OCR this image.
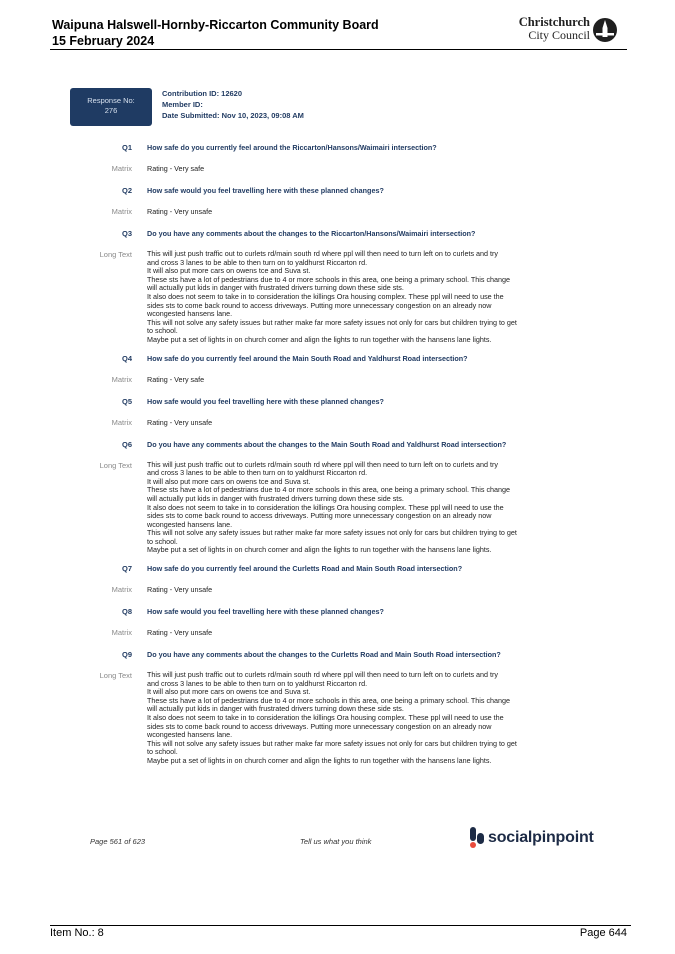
Waipuna Halswell-Hornby-Riccarton Community Board
15 February 2024
Christchurch
City Council
Response No:
276
Contribution ID: 12620
Member ID:
Date Submitted: Nov 10, 2023, 09:08 AM
Q1	How safe do you currently feel around the Riccarton/Hansons/Waimairi intersection?
Matrix	Rating - Very safe
Q2	How safe would you feel travelling here with these planned changes?
Matrix	Rating - Very unsafe
Q3	Do you have any comments about the changes to the Riccarton/Hansons/Waimairi intersection?
Long Text	This will just push traffic out to curlets rd/main south rd where ppl will then need to turn left on to curlets and try

and cross 3 lanes to be able to then turn on to yaldhurst Riccarton rd.

It will also put more cars on owens tce and Suva st.

These sts have a lot of pedestrians due to 4 or more schools in this area, one being a primary school. This change

will actually put kids in danger with frustrated drivers turning down these side sts.

It also does not seem to take in to consideration the killings Ora housing complex. These ppl will need to use the

sides sts to come back round to access driveways. Putting more unnecessary congestion on an already now

wcongested hansens lane.

This will not solve any safety issues but rather make far more safety issues not only for cars but children trying to get

to school.

Maybe put a set of lights in on church corner and align the lights to run together with the hansens lane lights.

Q4	How safe do you currently feel around the Main South Road and Yaldhurst Road intersection?
Matrix	Rating - Very safe
Q5	How safe would you feel travelling here with these planned changes?
Matrix	Rating - Very unsafe
Q6	Do you have any comments about the changes to the Main South Road and Yaldhurst Road intersection?
Long Text	This will just push traffic out to curlets rd/main south rd where ppl will then need to turn left on to curlets and try

and cross 3 lanes to be able to then turn on to yaldhurst Riccarton rd.

It will also put more cars on owens tce and Suva st.

These sts have a lot of pedestrians due to 4 or more schools in this area, one being a primary school. This change

will actually put kids in danger with frustrated drivers turning down these side sts.

It also does not seem to take in to consideration the killings Ora housing complex. These ppl will need to use the

sides sts to come back round to access driveways. Putting more unnecessary congestion on an already now

wcongested hansens lane.

This will not solve any safety issues but rather make far more safety issues not only for cars but children trying to get

to school.

Maybe put a set of lights in on church corner and align the lights to run together with the hansens lane lights.

Q7	How safe do you currently feel around the Curletts Road and Main South Road intersection?
Matrix	Rating - Very unsafe
Q8	How safe would you feel travelling here with these planned changes?
Matrix	Rating - Very unsafe
Q9	Do you have any comments about the changes to the Curletts Road and Main South Road intersection?
Long Text	This will just push traffic out to curlets rd/main south rd where ppl will then need to turn left on to curlets and try

and cross 3 lanes to be able to then turn on to yaldhurst Riccarton rd.

It will also put more cars on owens tce and Suva st.

These sts have a lot of pedestrians due to 4 or more schools in this area, one being a primary school. This change

will actually put kids in danger with frustrated drivers turning down these side sts.

It also does not seem to take in to consideration the killings Ora housing complex. These ppl will need to use the

sides sts to come back round to access driveways. Putting more unnecessary congestion on an already now

wcongested hansens lane.

This will not solve any safety issues but rather make far more safety issues not only for cars but children trying to get

to school.

Maybe put a set of lights in on church corner and align the lights to run together with the hansens lane lights.

Page 561 of 623	Tell us what you think	socialpinpoint
Item No.: 8	Page 644
